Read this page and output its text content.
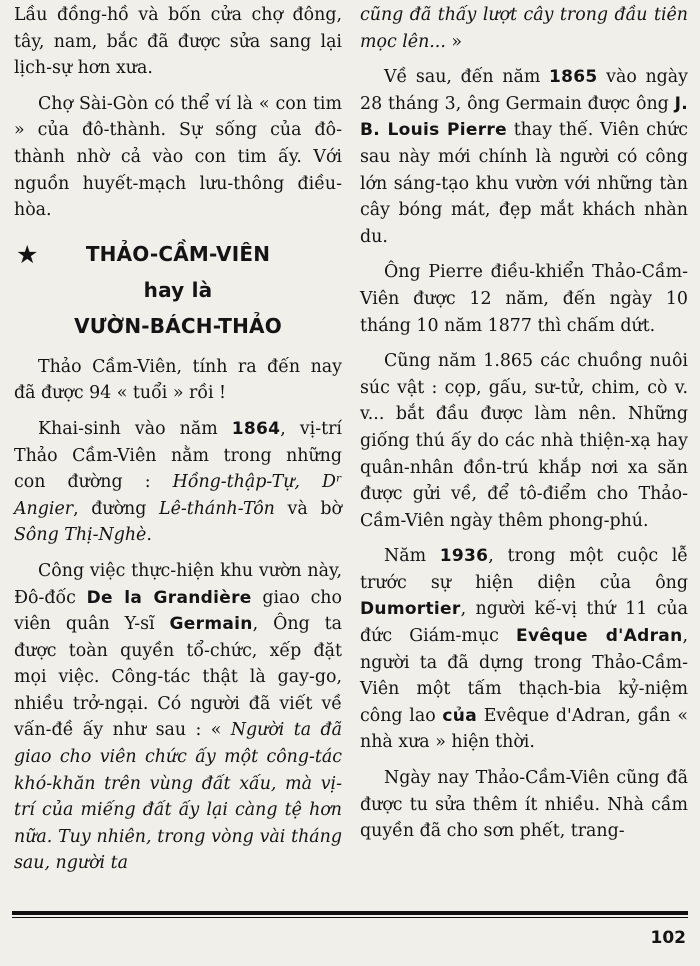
Lầu đồng-hồ và bốn cửa chợ đông, tây, nam, bắc đã được sửa sang lại lịch-sự hơn xưa.

Chợ Sài-Gòn có thể ví là « con tim » của đô-thành. Sự sống của đô-thành nhờ cả vào con tim ấy. Với nguồn huyết-mạch lưu-thông điều-hòa.

★	THẢO-CẦM-VIÊN
hay là
VƯỜN-BÁCH-THẢO

Thảo Cầm-Viên, tính ra đến nay đã được 94 « tuổi » rồi !

Khai-sinh vào năm 1864, vị-trí Thảo Cầm-Viên nằm trong những con đường : Hồng-thập-Tự, Dʳ Angier, đường Lê-thánh-Tôn và bờ Sông Thị-Nghè.

Công việc thực-hiện khu vườn này, Đô-đốc De la Grandière giao cho viên quân Y-sĩ Germain, Ông ta được toàn quyền tổ-chức, xếp đặt mọi việc. Công-tác thật là gay-go, nhiều trở-ngại. Có người đã viết về vấn-đề ấy như sau : « Người ta đã giao cho viên chức ấy một công-tác khó-khăn trên vùng đất xấu, mà vị-trí của miếng đất ấy lại càng tệ hơn nữa. Tuy nhiên, trong vòng vài tháng sau, người ta

cũng đã thấy lượt cây trong đầu tiên mọc lên... »

Về sau, đến năm 1865 vào ngày 28 tháng 3, ông Germain được ông J. B. Louis Pierre thay thế. Viên chức sau này mới chính là người có công lớn sáng-tạo khu vườn với những tàn cây bóng mát, đẹp mắt khách nhàn du.

Ông Pierre điều-khiển Thảo-Cầm-Viên được 12 năm, đến ngày 10 tháng 10 năm 1877 thì chấm dứt.

Cũng năm 1.865 các chuồng nuôi súc vật : cọp, gấu, sư-tử, chim, cò v. v... bắt đầu được làm nên. Những giống thú ấy do các nhà thiện-xạ hay quân-nhân đồn-trú khắp nơi xa săn được gửi về, để tô-điểm cho Thảo-Cầm-Viên ngày thêm phong-phú.

Năm 1936, trong một cuộc lễ trước sự hiện diện của ông Dumortier, người kế-vị thứ 11 của đức Giám-mục Evêque d'Adran, người ta đã dựng trong Thảo-Cầm-Viên một tấm thạch-bia kỷ-niệm công lao của Evêque d'Adran, gần « nhà xưa » hiện thời.

Ngày nay Thảo-Cầm-Viên cũng đã được tu sửa thêm ít nhiều. Nhà cầm quyền đã cho sơn phết, trang-

102
